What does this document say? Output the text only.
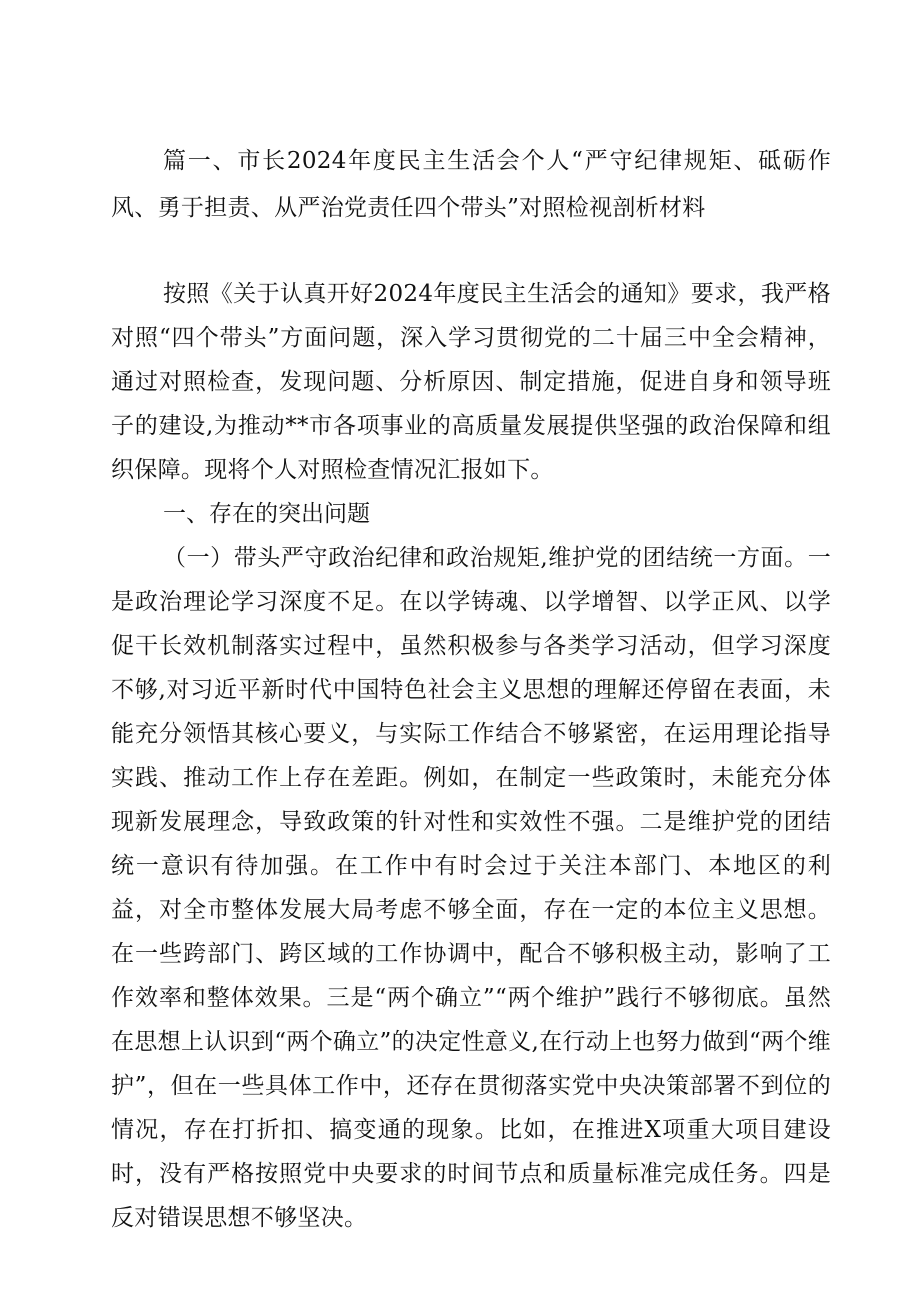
篇一、市长2024年度民主生活会个人“严守纪律规矩、砥砺作风、勇于担责、从严治党责任四个带头”对照检视剖析材料

按照《关于认真开好2024年度民主生活会的通知》要求，我严格对照“四个带头”方面问题，深入学习贯彻党的二十届三中全会精神，通过对照检查，发现问题、分析原因、制定措施，促进自身和领导班子的建设,为推动**市各项事业的高质量发展提供坚强的政治保障和组织保障。现将个人对照检查情况汇报如下。

一、存在的突出问题

（一）带头严守政治纪律和政治规矩,维护党的团结统一方面。一是政治理论学习深度不足。在以学铸魂、以学增智、以学正风、以学促干长效机制落实过程中，虽然积极参与各类学习活动，但学习深度不够,对习近平新时代中国特色社会主义思想的理解还停留在表面，未能充分领悟其核心要义，与实际工作结合不够紧密，在运用理论指导实践、推动工作上存在差距。例如，在制定一些政策时，未能充分体现新发展理念，导致政策的针对性和实效性不强。二是维护党的团结统一意识有待加强。在工作中有时会过于关注本部门、本地区的利益，对全市整体发展大局考虑不够全面，存在一定的本位主义思想。在一些跨部门、跨区域的工作协调中，配合不够积极主动，影响了工作效率和整体效果。三是“两个确立”“两个维护”践行不够彻底。虽然在思想上认识到“两个确立”的决定性意义,在行动上也努力做到“两个维护”，但在一些具体工作中，还存在贯彻落实党中央决策部署不到位的情况，存在打折扣、搞变通的现象。比如，在推进X项重大项目建设时，没有严格按照党中央要求的时间节点和质量标准完成任务。四是反对错误思想不够坚决。
